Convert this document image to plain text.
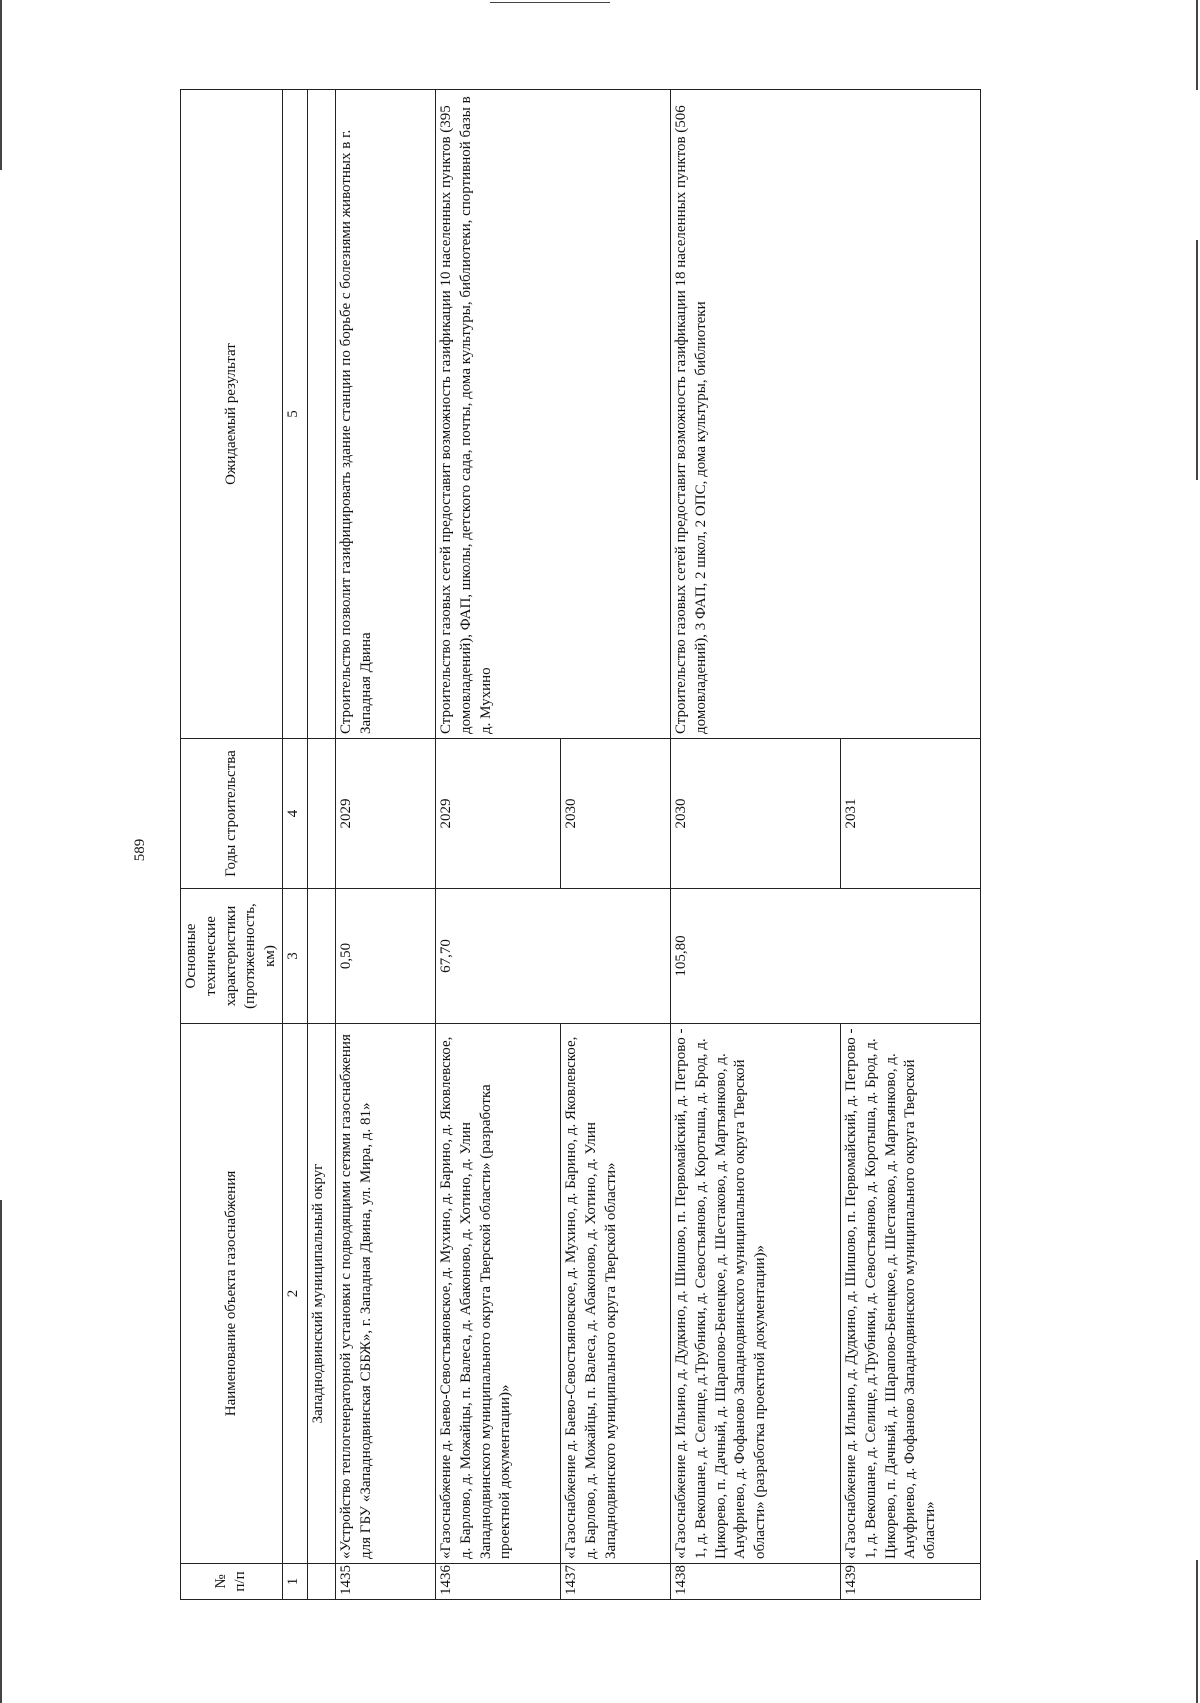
589
№ п/п	Наименование объекта газоснабжения	Основные технические характеристики (протяженность, км)	Годы строительства	Ожидаемый результат
1	2	3	4	5
	Западнодвинский муниципальный округ			
1435	«Устройство теплогенераторной установки с подводящими сетями газоснабжения для ГБУ «Западнодвинская СББЖ», г. Западная Двина, ул. Мира, д. 81»	0,50	2029	Строительство позволит газифицировать здание станции по борьбе с болезнями животных в г. Западная Двина
1436	«Газоснабжение д. Баево-Севостьяновское, д. Мухино, д. Барино, д. Яковлевское, д. Барлово, д. Можайцы, п. Валеса, д. Абаконово, д. Хотино, д. Улин Западнодвинского муниципального округа Тверской области» (разработка проектной документации)»	67,70	2029	Строительство газовых сетей предоставит возможность газификации 10 населенных пунктов (395 домовладений), ФАП, школы, детского сада, почты, дома культуры, библиотеки, спортивной базы в д. Мухино
1437	«Газоснабжение д. Баево-Севостьяновское, д. Мухино, д. Барино, д. Яковлевское, д. Барлово, д. Можайцы, п. Валеса, д. Абаконово, д. Хотино, д. Улин Западнодвинского муниципального округа Тверской области»		2030	
1438	«Газоснабжение д. Ильино, д. Дудкино, д. Шишово, п. Первомайский, д. Петрово - 1, д. Векошане, д. Селище, д.Трубники, д. Севостьяново, д. Коротыша, д. Брод, д. Цикорево, п. Дачный, д. Шарапово-Бенецкое, д. Шестаково, д. Мартьянково, д. Ануфриево, д. Фофаново Западнодвинского муниципального округа Тверской области» (разработка проектной документации)»	105,80	2030	Строительство газовых сетей предоставит возможность газификации 18 населенных пунктов (506 домовладений), 3 ФАП, 2 школ, 2 ОПС, дома культуры, библиотеки
1439	«Газоснабжение д. Ильино, д. Дудкино, д. Шишово, п. Первомайский, д. Петрово - 1, д. Векошане, д. Селище, д.Трубники, д. Севостьяново, д. Коротыша, д. Брод, д. Цикорево, п. Дачный, д. Шарапово-Бенецкое, д. Шестаково, д. Мартьянково, д. Ануфриево, д. Фофаново Западнодвинского муниципального округа Тверской области»		2031	
